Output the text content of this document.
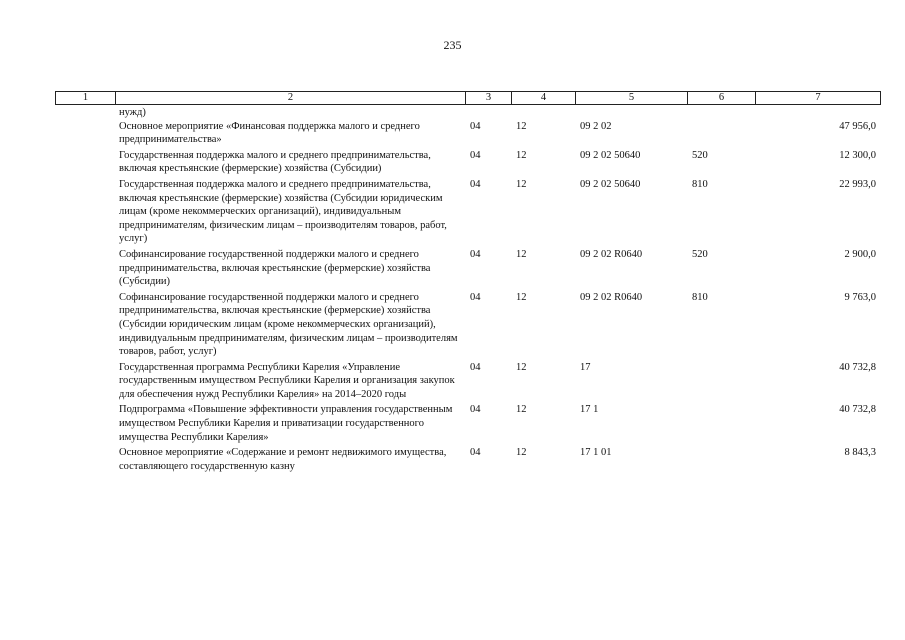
235
1	2	3	4	5	6	7
	нужд)					
	Основное мероприятие «Финансовая поддержка малого и среднего предпринимательства»	04	12	09 2 02		47 956,0
	Государственная поддержка малого и среднего предпринимательства, включая крестьянские (фермерские) хозяйства (Субсидии)	04	12	09 2 02 50640	520	12 300,0
	Государственная поддержка малого и среднего предпринимательства, включая крестьянские (фермерские) хозяйства (Субсидии юридическим лицам (кроме некоммерческих организаций), индивидуальным предпринимателям, физическим лицам – производителям товаров, работ, услуг)	04	12	09 2 02 50640	810	22 993,0
	Софинансирование государственной поддержки малого и среднего предпринимательства, включая крестьянские (фермерские) хозяйства (Субсидии)	04	12	09 2 02 R0640	520	2 900,0
	Софинансирование государственной поддержки малого и среднего предпринимательства, включая крестьянские (фермерские) хозяйства (Субсидии юридическим лицам (кроме некоммерческих организаций), индивидуальным предпринимателям, физическим лицам – производителям товаров, работ, услуг)	04	12	09 2 02 R0640	810	9 763,0
	Государственная программа Республики Карелия «Управление государственным имуществом Республики Карелия и организация закупок для обеспечения нужд Республики Карелия» на 2014–2020 годы	04	12	17		40 732,8
	Подпрограмма «Повышение эффективности управления государственным имуществом Республики Карелия и приватизации государственного имущества Республики Карелия»	04	12	17 1		40 732,8
	Основное мероприятие «Содержание и ремонт недвижимого имущества, составляющего государственную казну	04	12	17 1 01		8 843,3
